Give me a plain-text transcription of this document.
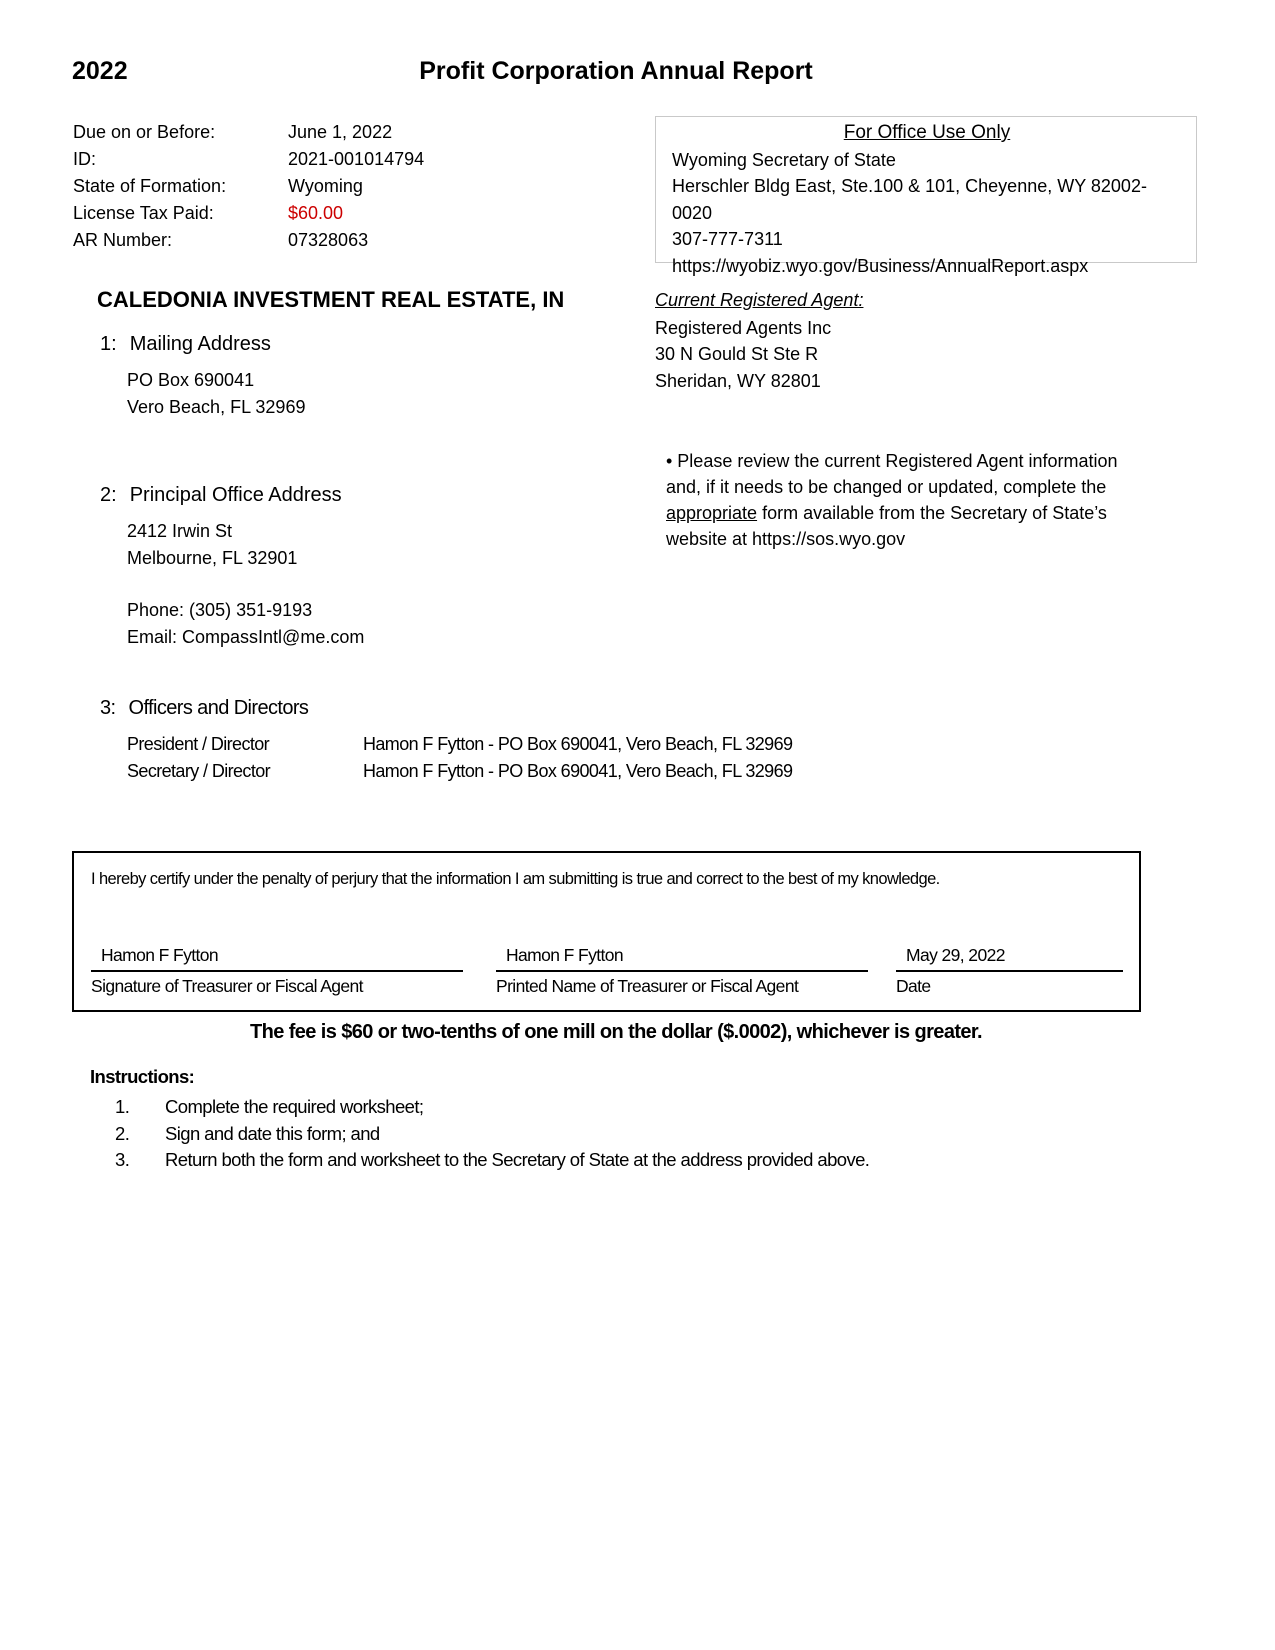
2022	Profit Corporation Annual Report
Due on or Before:	June 1, 2022
ID:	2021-001014794
State of Formation:	Wyoming
License Tax Paid:	$60.00
AR Number:	07328063
For Office Use Only
Wyoming Secretary of State
Herschler Bldg East, Ste.100 & 101, Cheyenne, WY 82002-0020
307-777-7311
https://wyobiz.wyo.gov/Business/AnnualReport.aspx
CALEDONIA INVESTMENT REAL ESTATE, IN	Current Registered Agent:
Registered Agents Inc
30 N Gould St Ste R
Sheridan, WY 82801
1: Mailing Address
PO Box 690041
Vero Beach, FL 32969
• Please review the current Registered Agent information and, if it needs to be changed or updated, complete the appropriate form available from the Secretary of State’s website at https://sos.wyo.gov
2: Principal Office Address
2412 Irwin St
Melbourne, FL 32901
Phone: (305) 351-9193
Email: CompassIntl@me.com
3: Officers and Directors
President / Director	Hamon F Fytton - PO Box 690041, Vero Beach, FL 32969
Secretary / Director	Hamon F Fytton - PO Box 690041, Vero Beach, FL 32969
I hereby certify under the penalty of perjury that the information I am submitting is true and correct to the best of my knowledge.
Hamon F Fytton
Signature of Treasurer or Fiscal Agent
Hamon F Fytton
Printed Name of Treasurer or Fiscal Agent
May 29, 2022
Date
The fee is $60 or two-tenths of one mill on the dollar ($.0002), whichever is greater.
Instructions:
1.	Complete the required worksheet;
2.	Sign and date this form; and
3.	Return both the form and worksheet to the Secretary of State at the address provided above.
